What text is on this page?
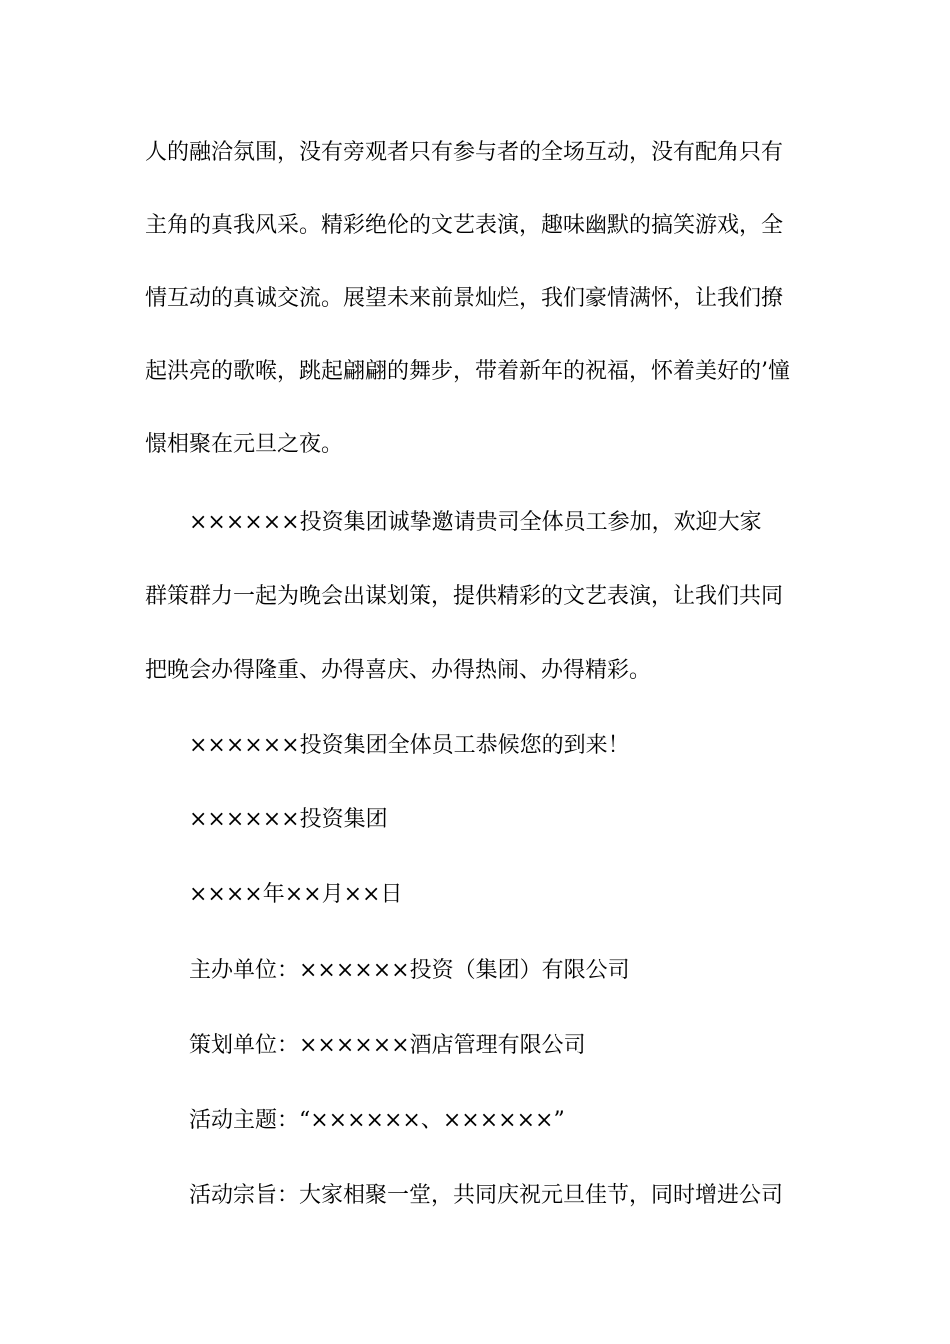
人的融洽氛围，没有旁观者只有参与者的全场互动，没有配角只有
主角的真我风采。精彩绝伦的文艺表演，趣味幽默的搞笑游戏，全
情互动的真诚交流。展望未来前景灿烂，我们豪情满怀，让我们撩
起洪亮的歌喉，跳起翩翩的舞步，带着新年的祝福，怀着美好的’憧
憬相聚在元旦之夜。
××××××投资集团诚挚邀请贵司全体员工参加，欢迎大家
群策群力一起为晚会出谋划策，提供精彩的文艺表演，让我们共同
把晚会办得隆重、办得喜庆、办得热闹、办得精彩。
××××××投资集团全体员工恭候您的到来！
××××××投资集团
××××年××月××日
主办单位：××××××投资（集团）有限公司
策划单位：××××××酒店管理有限公司
活动主题：“××××××、××××××”
活动宗旨：大家相聚一堂，共同庆祝元旦佳节，同时增进公司
